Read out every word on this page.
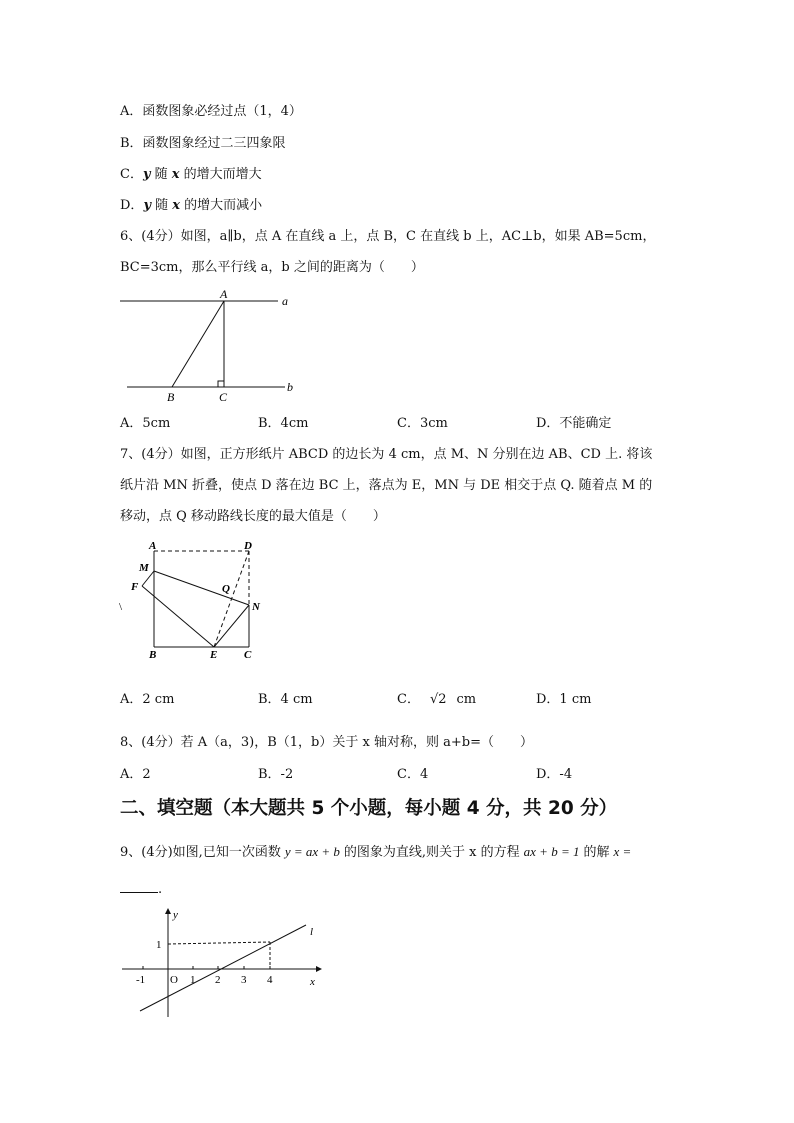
A．函数图象必经过点（1，4）
B．函数图象经过二三四象限
C．y 随 x 的增大而增大
D．y 随 x 的增大而减小
6、(4分）如图，a∥b，点 A 在直线 a 上，点 B，C 在直线 b 上，AC⊥b，如果 AB=5cm，
BC=3cm，那么平行线 a，b 之间的距离为（　　）
A	a
B	C
b
A．5cm	B．4cm	C．3cm	D．不能确定
7、(4分）如图，正方形纸片 ABCD 的边长为 4 cm，点 M、N 分别在边 AB、CD 上. 将该
纸片沿 MN 折叠，使点 D 落在边 BC 上，落点为 E，MN 与 DE 相交于点 Q. 随着点 M 的
移动，点 Q 移动路线长度的最大值是（　　）
A	D
M
F	Q
N
B	E C
\
A．2 cm	B．4 cm	C． √2 cm	D．1 cm
8、(4分）若 A（a，3)，B（1，b）关于 x 轴对称，则 a+b=（　　）
A．2	B．-2	C．4	D．-4
二、填空题（本大题共 5 个小题，每小题 4 分，共 20 分）
9、(4分)如图,已知一次函数 y = ax + b 的图象为直线,则关于 x 的方程 ax + b = 1 的解 x =
.
y
x
l
O
-1	1 2 3 4
1
